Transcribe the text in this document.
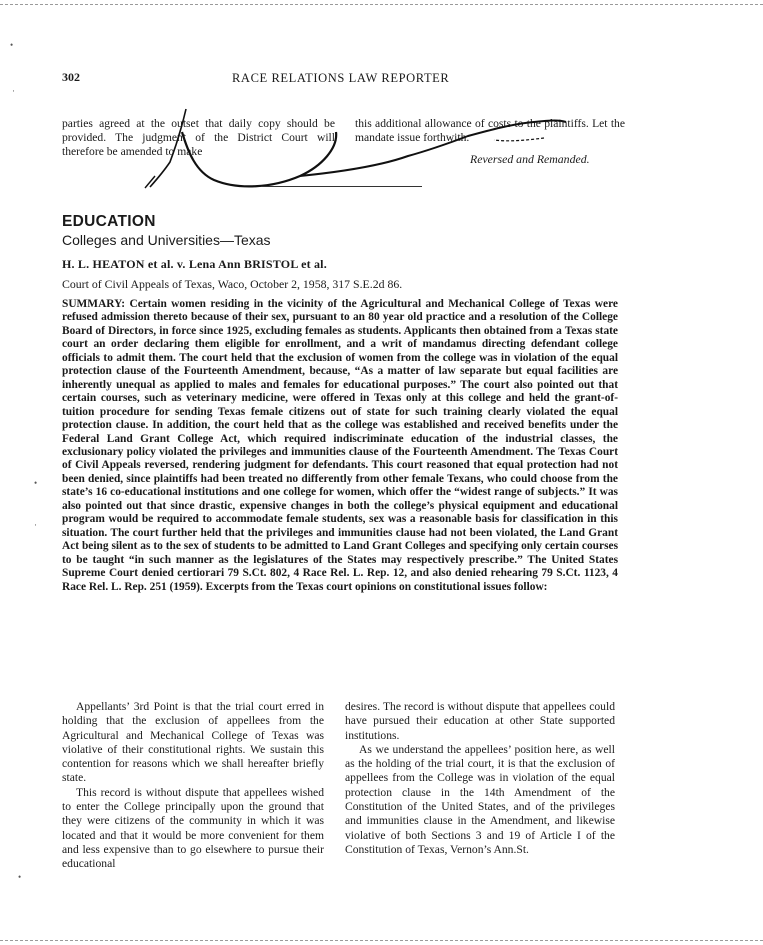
•
·
•
·
•
302	RACE RELATIONS LAW REPORTER

parties agreed at the outset that daily copy should be provided. The judgment of the District Court will therefore be amended to make

this additional allowance of costs to the plaintiffs. Let the mandate issue forthwith.

Reversed and Remanded.
EDUCATION
Colleges and Universities—Texas
H. L. HEATON et al. v. Lena Ann BRISTOL et al.
Court of Civil Appeals of Texas, Waco, October 2, 1958, 317 S.E.2d 86.

SUMMARY: Certain women residing in the vicinity of the Agricultural and Mechanical College of Texas were refused admission thereto because of their sex, pursuant to an 80 year old practice and a resolution of the College Board of Directors, in force since 1925, excluding females as students. Applicants then obtained from a Texas state court an order declaring them eligible for enrollment, and a writ of mandamus directing defendant college officials to admit them. The court held that the exclusion of women from the college was in violation of the equal protection clause of the Fourteenth Amendment, because, “As a matter of law separate but equal facilities are inherently unequal as applied to males and females for educational purposes.” The court also pointed out that certain courses, such as veterinary medicine, were offered in Texas only at this college and held the grant-of-tuition procedure for sending Texas female citizens out of state for such training clearly violated the equal protection clause. In addition, the court held that as the college was established and received benefits under the Federal Land Grant College Act, which required indiscriminate education of the industrial classes, the exclusionary policy violated the privileges and immunities clause of the Fourteenth Amendment. The Texas Court of Civil Appeals reversed, rendering judgment for defendants. This court reasoned that equal protection had not been denied, since plaintiffs had been treated no differently from other female Texans, who could choose from the state’s 16 co-educational institutions and one college for women, which offer the “widest range of subjects.” It was also pointed out that since drastic, expensive changes in both the college’s physical equipment and educational program would be required to accommodate female students, sex was a reasonable basis for classification in this situation. The court further held that the privileges and immunities clause had not been violated, the Land Grant Act being silent as to the sex of students to be admitted to Land Grant Colleges and specifying only certain courses to be taught “in such manner as the legislatures of the States may respectively prescribe.” The United States Supreme Court denied certiorari 79 S.Ct. 802, 4 Race Rel. L. Rep. 12, and also denied rehearing 79 S.Ct. 1123, 4 Race Rel. L. Rep. 251 (1959). Excerpts from the Texas court opinions on constitutional issues follow:

Appellants’ 3rd Point is that the trial court erred in holding that the exclusion of appellees from the Agricultural and Mechanical College of Texas was violative of their constitutional rights. We sustain this contention for reasons which we shall hereafter briefly state.

This record is without dispute that appellees wished to enter the College principally upon the ground that they were citizens of the community in which it was located and that it would be more convenient for them and less expensive than to go elsewhere to pursue their educational

desires. The record is without dispute that appellees could have pursued their education at other State supported institutions.

As we understand the appellees’ position here, as well as the holding of the trial court, it is that the exclusion of appellees from the College was in violation of the equal protection clause in the 14th Amendment of the Constitution of the United States, and of the privileges and immunities clause in the Amendment, and likewise violative of both Sections 3 and 19 of Article I of the Constitution of Texas, Vernon’s Ann.St.
